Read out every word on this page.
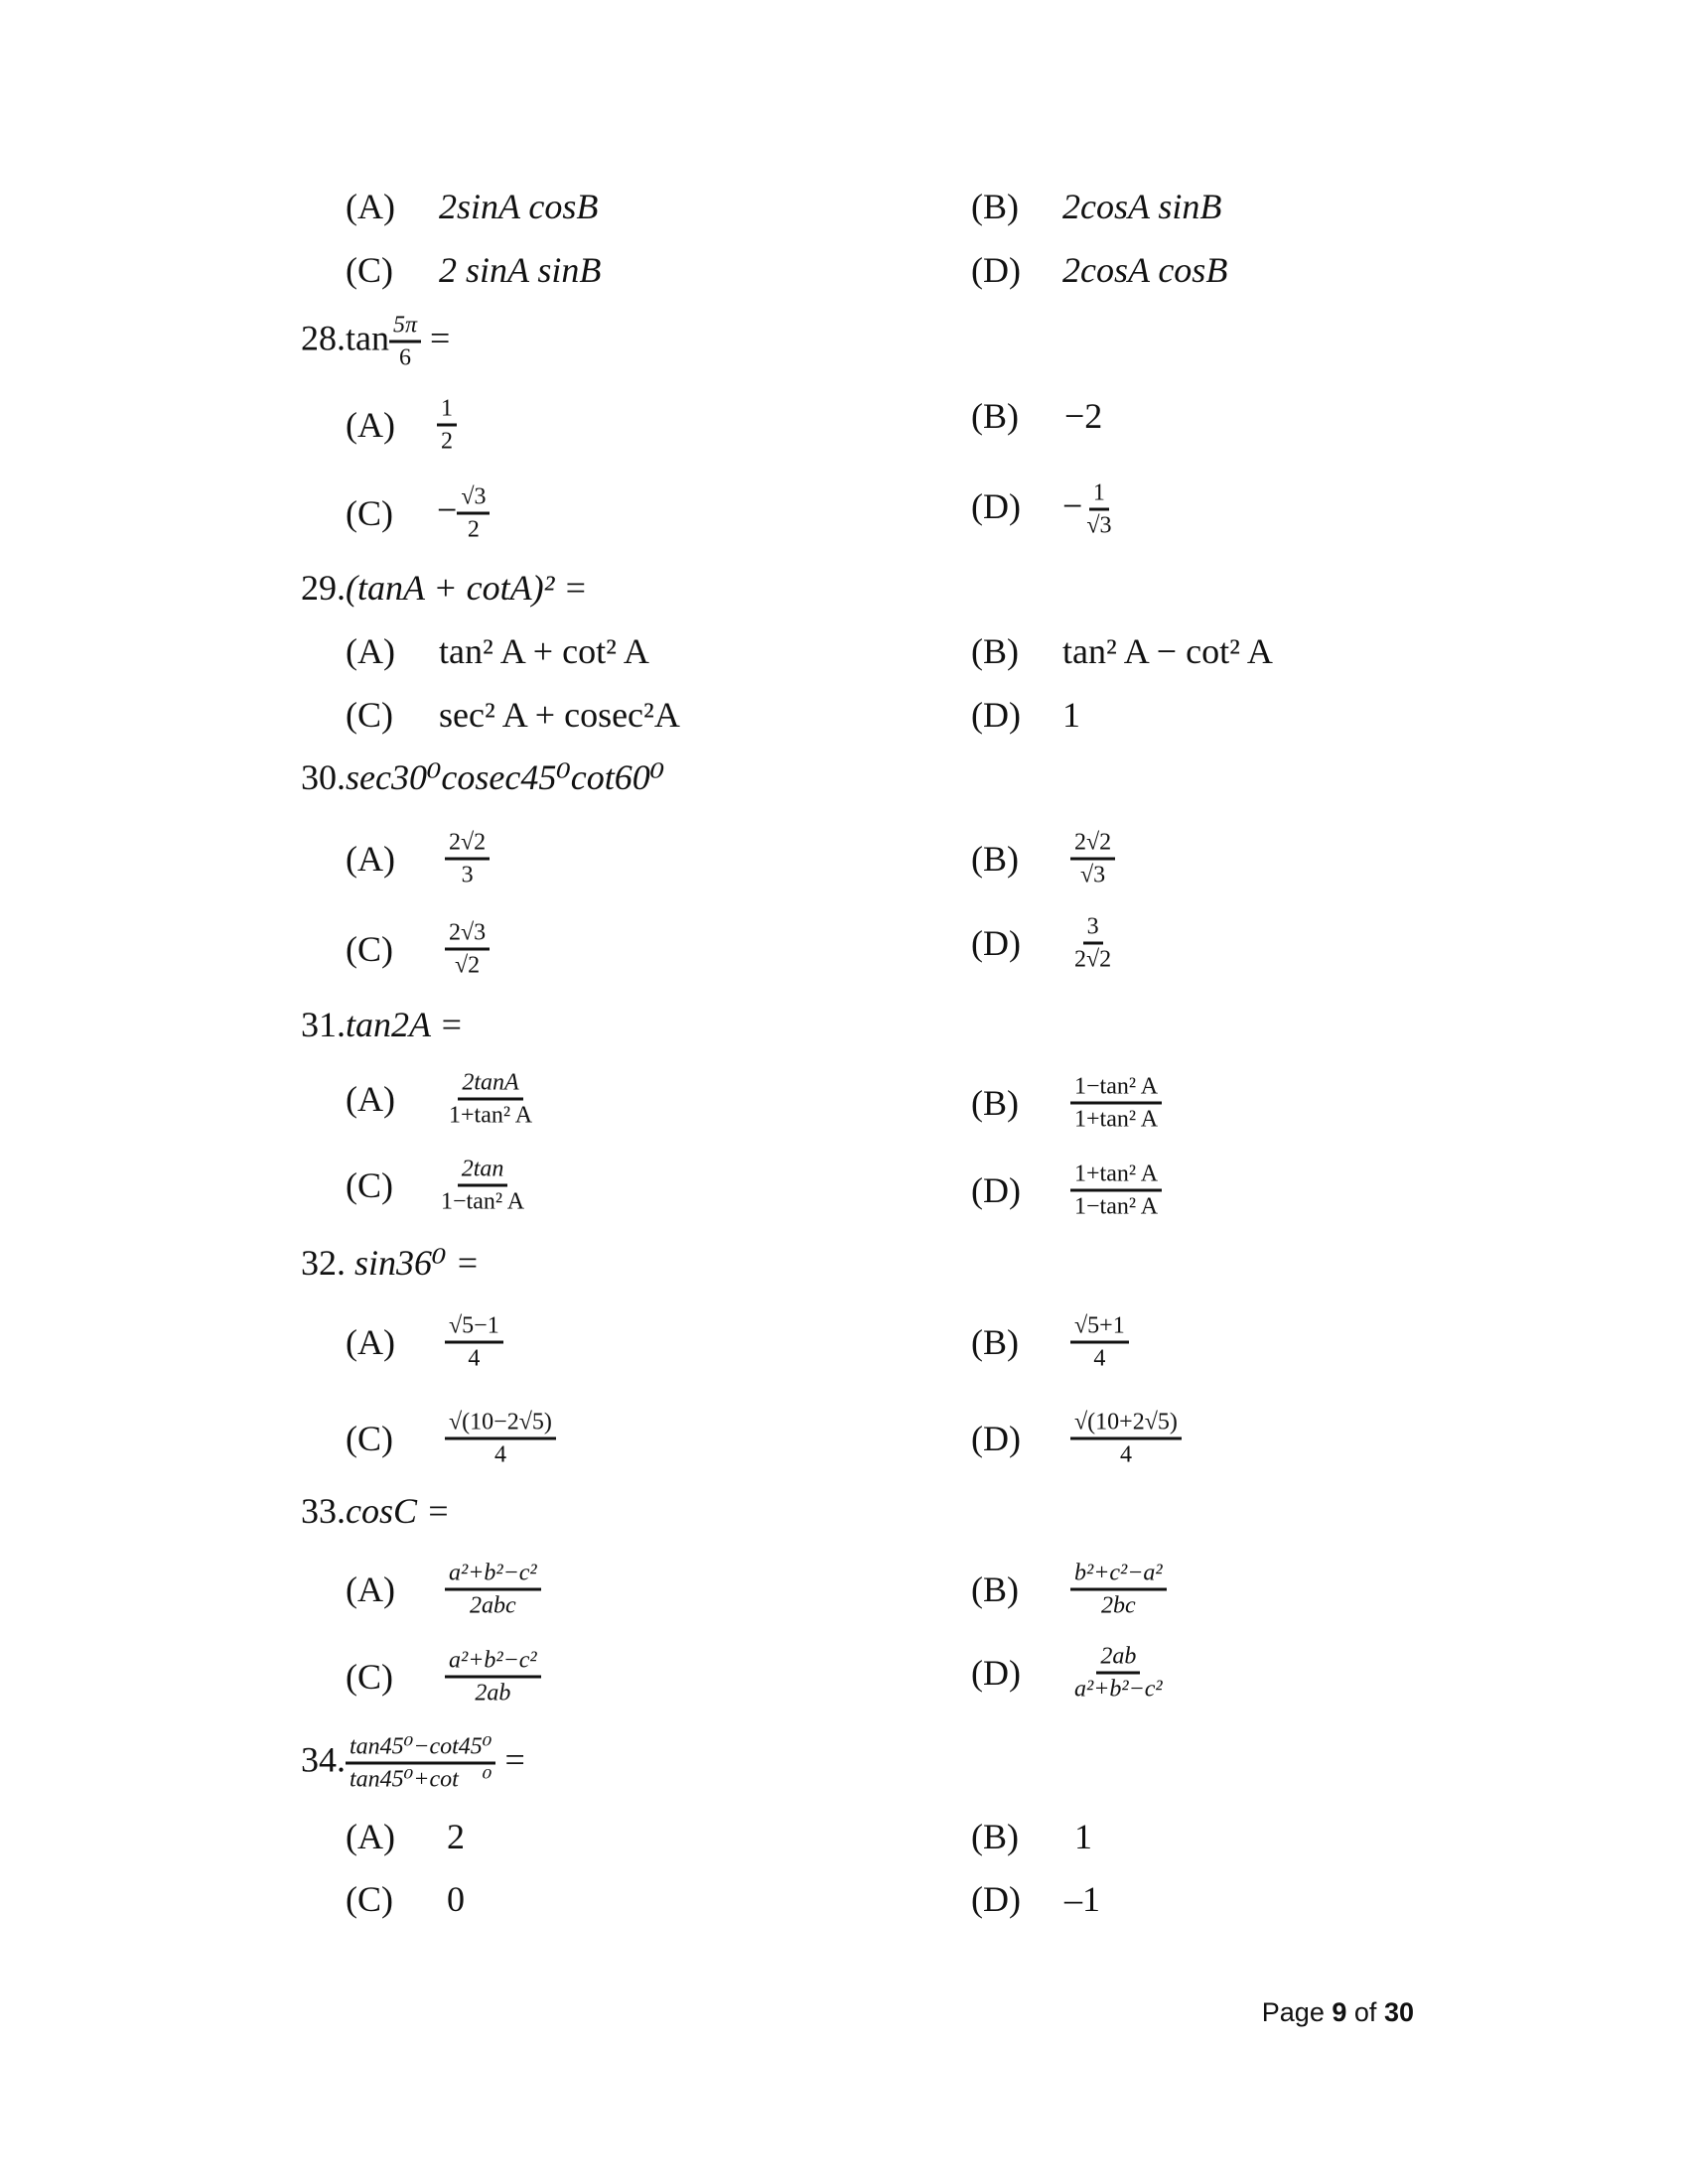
(A) 2sinA cosB	(B) 2cosA sinB
(C) 2 sinA sinB	(D) 2cosA cosB
$28.\tan \frac{5\pi}{6}$ =
$(A) \frac{1}{2}$	(B) −2
$(C) - \frac{√3}{2}$	$(D) - \frac{1}{√3}$
29.(tanA + cotA)² =
(A) tan² A + cot² A	(B) tan² A − cot² A
(C) sec² A + cosec²A	(D) 1
30.sec30⁰cosec45⁰cot60⁰
$(A) \frac{2√2}{3}$	$(B) \frac{2√2}{√3}$
$(C) \frac{2√3}{√2}$	$(D) \frac{3}{2√2}$
31.tan2A =
$(A) \frac{2\tan A}{\text{1+tan² A}}$	$(B) \frac{\text{1−tan² A}}{\text{1+tan² A}}$
$(C) \frac{2\tan}{\text{1−tan² A}}$	$(D) \frac{\text{1+tan² A}}{\text{1−tan² A}}$
32. sin36⁰ =
$(A) \frac{√5-1}{4}$	$(B) \frac{√5+1}{4}$
$(C) \frac{√(10-2√5)}{4}$	$(D) \frac{√(10+2√5)}{4}$
33.cosC =
$(A) \frac{\text{a²+b²−c²}}{\text{2abc}}$	$(B) \frac{\text{b²+c²−a²}}{2bc}$
$(C) \frac{\text{a²+b²−c²}}{2ab}$	$(D) \frac{2ab}{\text{a²+b²−c²}}$
34. $\frac{\text{tan45⁰−cot45⁰}}{\text{tan45⁰+cot    ⁰}}$ =
(A) 2	(B) 1
(C) 0	(D) –1
Page 9 of 30
